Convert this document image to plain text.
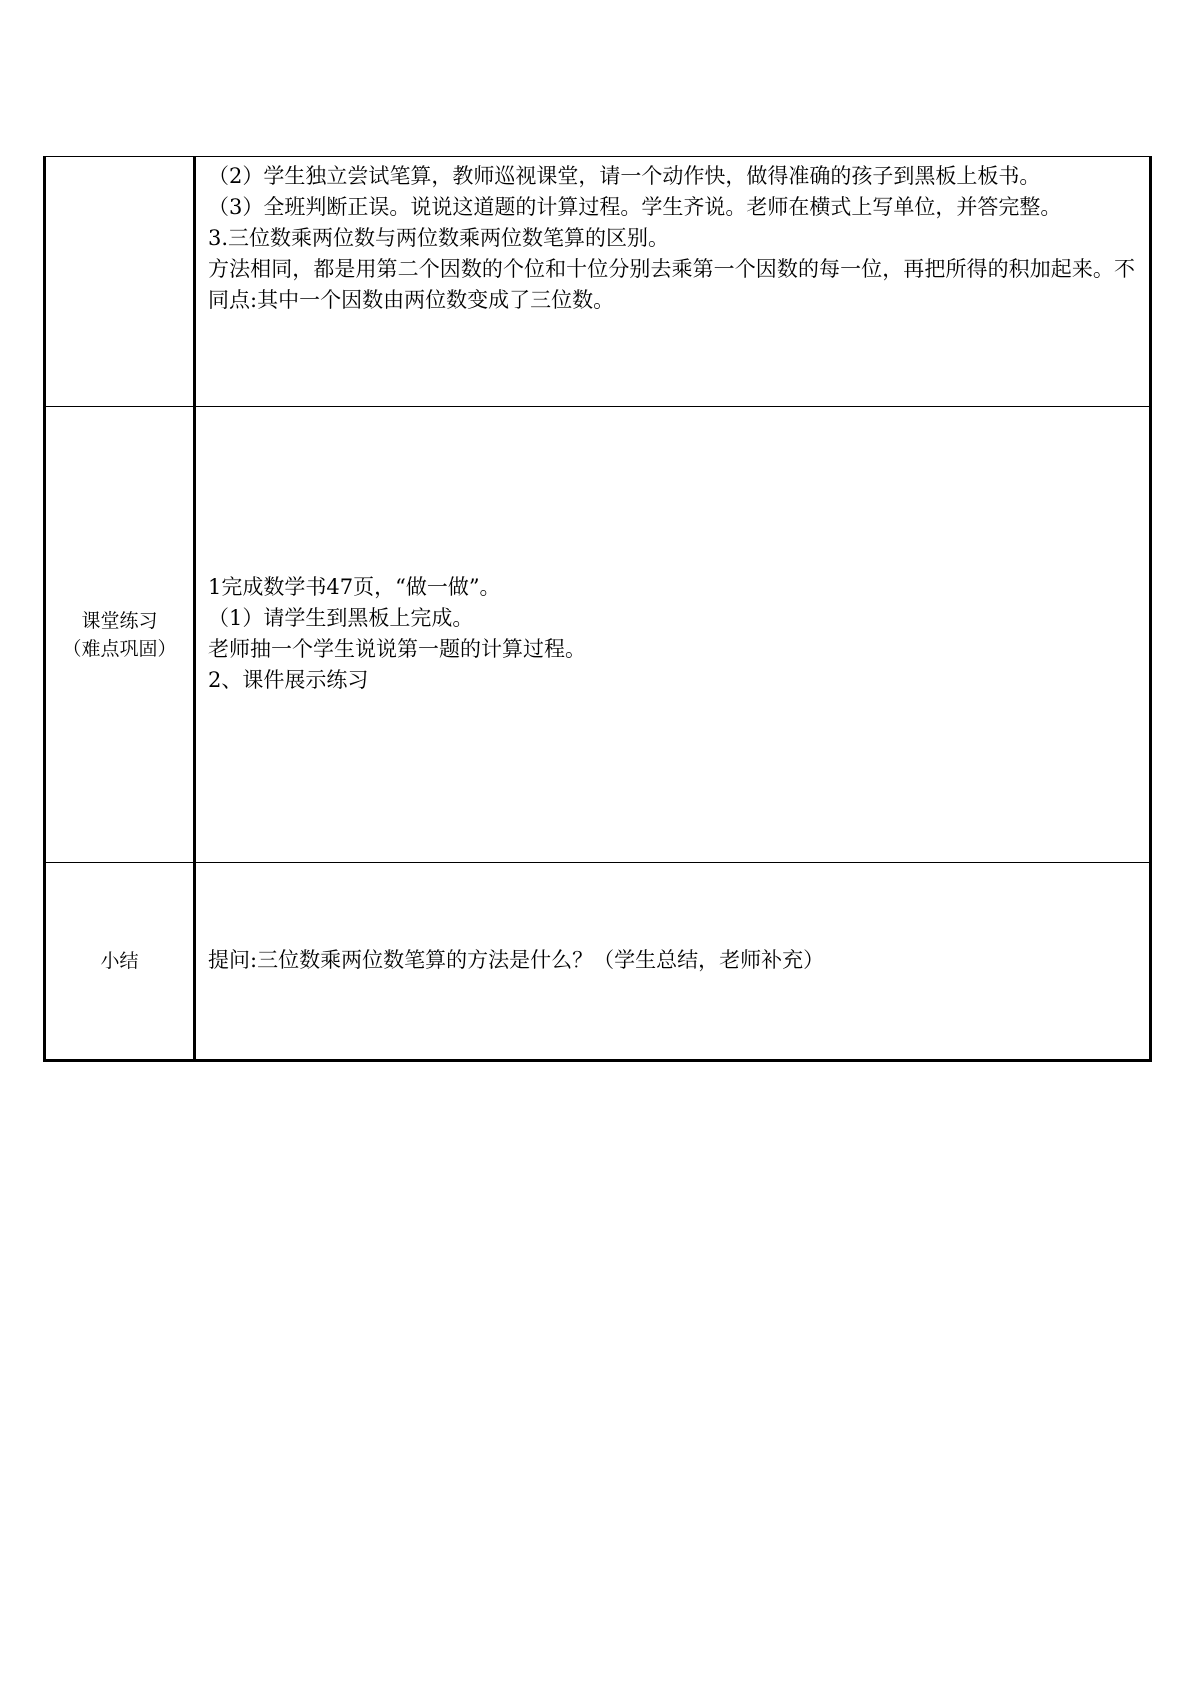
	（2）学生独立尝试笔算，教师巡视课堂，请一个动作快，做得准确的孩子到黑板上板书。
（3）全班判断正误。说说这道题的计算过程。学生齐说。老师在横式上写单位，并答完整。
3.三位数乘两位数与两位数乘两位数笔算的区别。
方法相同，都是用第二个因数的个位和十位分别去乘第一个因数的每一位，再把所得的积加起来。不同点:其中一个因数由两位数变成了三位数。

课堂练习
（难点巩固）	1完成数学书47页，“做一做”。
（1）请学生到黑板上完成。
老师抽一个学生说说第一题的计算过程。
2、课件展示练习

小结	提问:三位数乘两位数笔算的方法是什么？（学生总结，老师补充）
